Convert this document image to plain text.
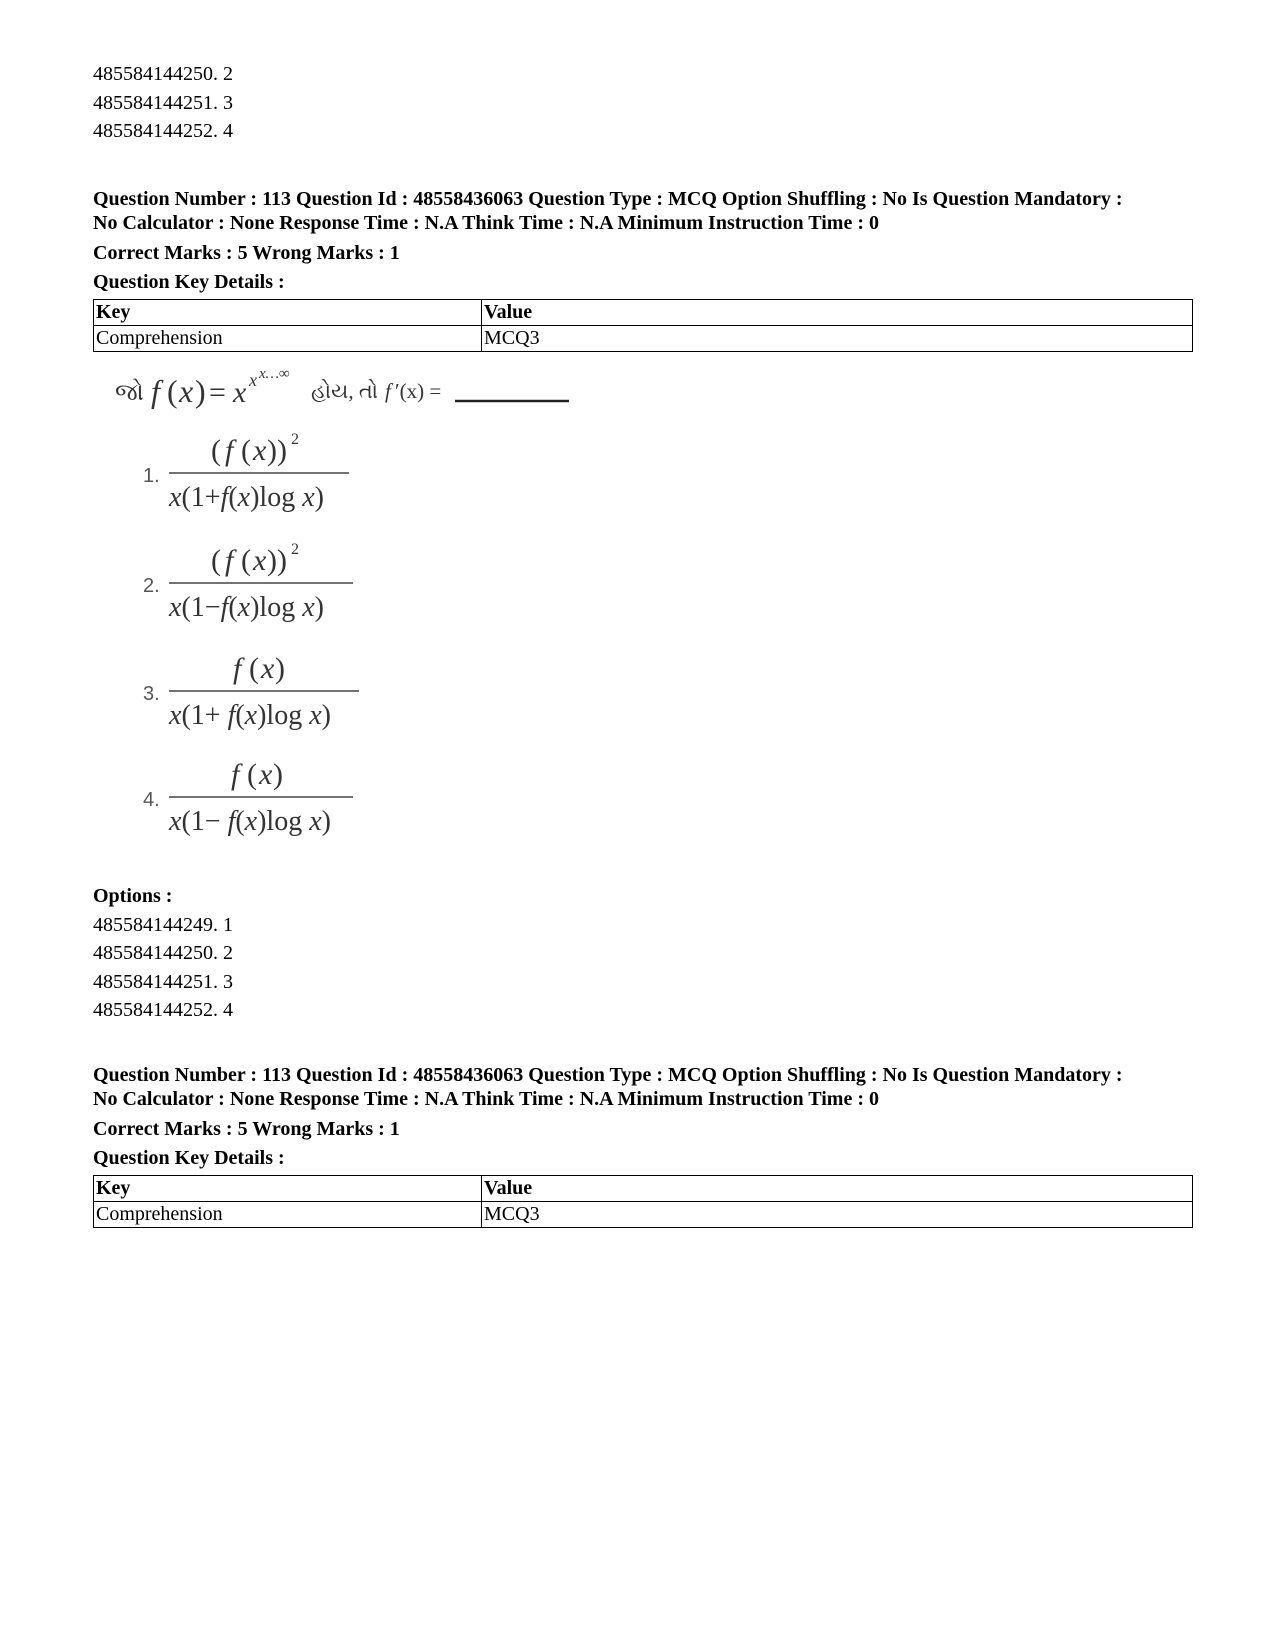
485584144250. 2
485584144251. 3
485584144252. 4
Question Number : 113 Question Id : 48558436063 Question Type : MCQ Option Shuffling : No Is Question Mandatory :
No Calculator : None Response Time : N.A Think Time : N.A Minimum Instruction Time : 0
Correct Marks : 5 Wrong Marks : 1
Question Key Details :
Key	Value
Comprehension	MCQ3
જો f ( x ) = x x x…∞
હોય, તો f ′(x) =
1.
( f ( x )) 2
x(1+f(x)log x)
2.
( f ( x )) 2
x(1−f(x)log x)
3.
f ( x )
x(1+ f(x)log x)
4.
f ( x )
x(1− f(x)log x)
Options :
485584144249. 1
485584144250. 2
485584144251. 3
485584144252. 4
Question Number : 113 Question Id : 48558436063 Question Type : MCQ Option Shuffling : No Is Question Mandatory :
No Calculator : None Response Time : N.A Think Time : N.A Minimum Instruction Time : 0
Correct Marks : 5 Wrong Marks : 1
Question Key Details :
Key	Value
Comprehension	MCQ3
